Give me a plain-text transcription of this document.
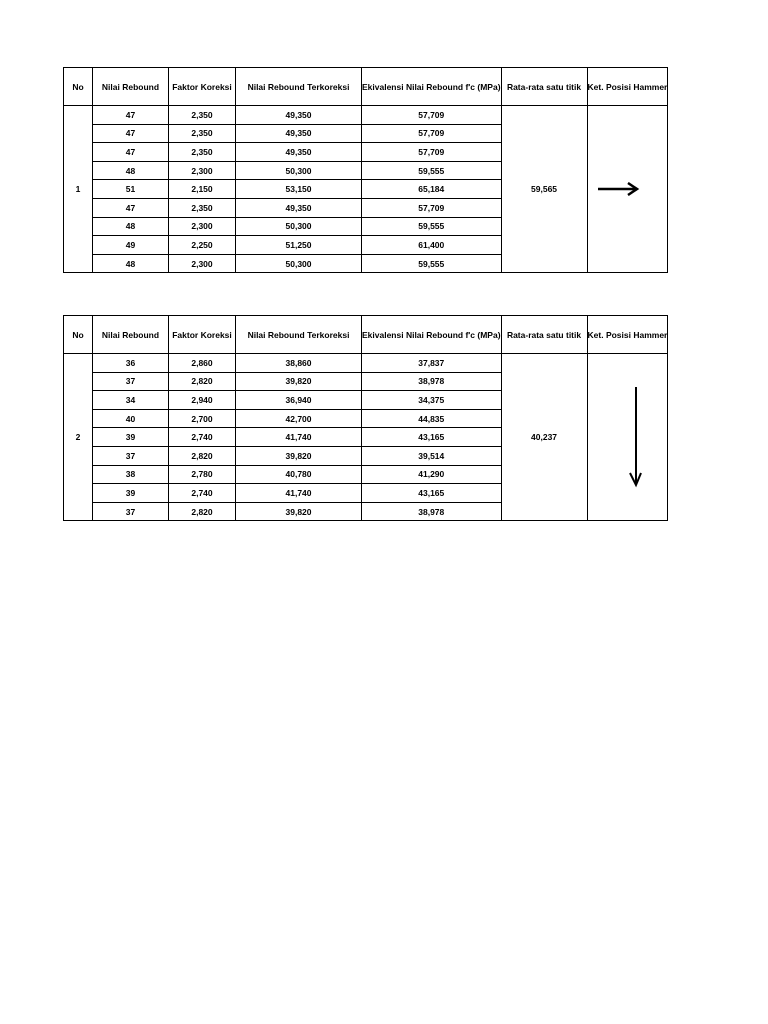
No	Nilai Rebound	Faktor Koreksi	Nilai Rebound Terkoreksi	Ekivalensi Nilai Rebound f'c (MPa)	Rata-rata satu titik	Ket. Posisi Hammer
1	47	2,350	49,350	57,709	59,565	

	47	2,350	49,350	57,709		
	47	2,350	49,350	57,709		
	48	2,300	50,300	59,555		
	51	2,150	53,150	65,184		
	47	2,350	49,350	57,709		
	48	2,300	50,300	59,555		
	49	2,250	51,250	61,400		
	48	2,300	50,300	59,555		
No	Nilai Rebound	Faktor Koreksi	Nilai Rebound Terkoreksi	Ekivalensi Nilai Rebound f'c (MPa)	Rata-rata satu titik	Ket. Posisi Hammer
2	36	2,860	38,860	37,837	40,237	

	37	2,820	39,820	38,978		
	34	2,940	36,940	34,375		
	40	2,700	42,700	44,835		
	39	2,740	41,740	43,165		
	37	2,820	39,820	39,514		
	38	2,780	40,780	41,290		
	39	2,740	41,740	43,165		
	37	2,820	39,820	38,978		
